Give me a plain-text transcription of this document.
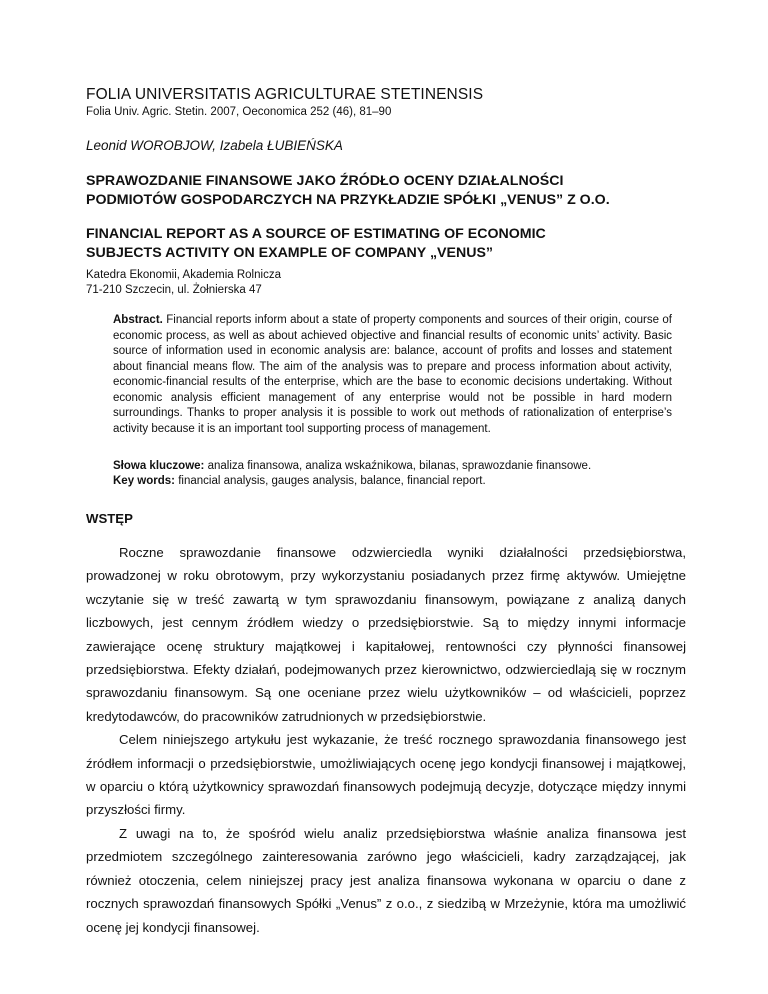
FOLIA UNIVERSITATIS AGRICULTURAE STETINENSIS
Folia Univ. Agric. Stetin. 2007, Oeconomica 252 (46), 81–90
Leonid WOROBJOW, Izabela ŁUBIEŃSKA
SPRAWOZDANIE FINANSOWE JAKO ŹRÓDŁO OCENY DZIAŁALNOŚCI
PODMIOTÓW GOSPODARCZYCH NA PRZYKŁADZIE SPÓŁKI „VENUS” Z O.O.
FINANCIAL REPORT AS A SOURCE OF ESTIMATING OF ECONOMIC
SUBJECTS ACTIVITY ON EXAMPLE OF COMPANY „VENUS”
Katedra Ekonomii, Akademia Rolnicza
71-210 Szczecin, ul. Żołnierska 47

Abstract. Financial reports inform about a state of property components and sources of their origin, course of economic process, as well as about achieved objective and financial results of economic units’ activity. Basic source of information used in economic analysis are: balance, account of profits and losses and statement about financial means flow. The aim of the analysis was to prepare and process information about activity, economic-financial results of the enterprise, which are the base to economic decisions undertaking. Without economic analysis efficient management of any enterprise would not be possible in hard modern surroundings. Thanks to proper analysis it is possible to work out methods of rationalization of enterprise’s activity because it is an important tool supporting process of management.

Słowa kluczowe: analiza finansowa, analiza wskaźnikowa, bilanas, sprawozdanie finansowe.
Key words: financial analysis, gauges analysis, balance, financial report.
WSTĘP

Roczne sprawozdanie finansowe odzwierciedla wyniki działalności przedsiębiorstwa, prowadzonej w roku obrotowym, przy wykorzystaniu posiadanych przez firmę aktywów. Umiejętne wczytanie się w treść zawartą w tym sprawozdaniu finansowym, powiązane z analizą danych liczbowych, jest cennym źródłem wiedzy o przedsiębiorstwie. Są to między innymi informacje zawierające ocenę struktury majątkowej i kapitałowej, rentowności czy płynności finansowej przedsiębiorstwa. Efekty działań, podejmowanych przez kierownictwo, odzwierciedlają się w rocznym sprawozdaniu finansowym. Są one oceniane przez wielu użytkowników – od właścicieli, poprzez kredytodawców, do pracowników zatrudnionych w przedsiębiorstwie.

Celem niniejszego artykułu jest wykazanie, że treść rocznego sprawozdania finansowego jest źródłem informacji o przedsiębiorstwie, umożliwiających ocenę jego kondycji finansowej i majątkowej, w oparciu o którą użytkownicy sprawozdań finansowych podejmują decyzje, dotyczące między innymi przyszłości firmy.

Z uwagi na to, że spośród wielu analiz przedsiębiorstwa właśnie analiza finansowa jest przedmiotem szczególnego zainteresowania zarówno jego właścicieli, kadry zarządzającej, jak również otoczenia, celem niniejszej pracy jest analiza finansowa wykonana w oparciu o dane z rocznych sprawozdań finansowych Spółki „Venus” z o.o., z siedzibą w Mrzeżynie, która ma umożliwić ocenę jej kondycji finansowej.
